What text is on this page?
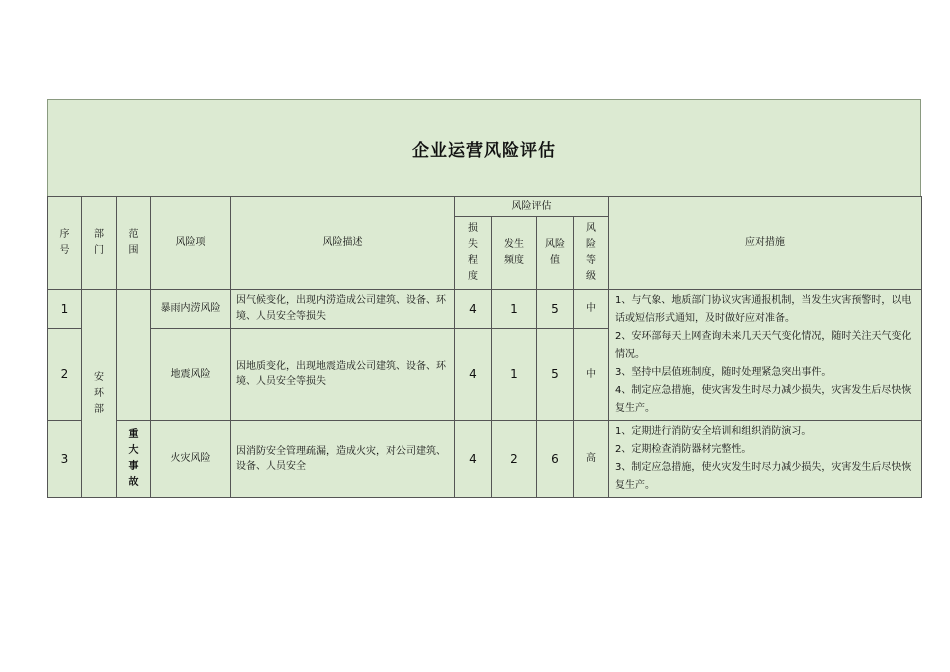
企业运营风险评估
序号	部门	范围	风险项	风险描述	风险评估				应对措施
					损失程度	发生频度	风险值	风险等级	
1	安环部		暴雨内涝风险	因气候变化，出现内涝造成公司建筑、设备、环境、人员安全等损失	4	1	5	中	1、与气象、地质部门协议灾害通报机制，当发生灾害预警时，以电话或短信形式通知，及时做好应对准备。
2、安环部每天上网查询未来几天天气变化情况，随时关注天气变化情况。
3、坚持中层值班制度，随时处理紧急突出事件。
4、制定应急措施，使灾害发生时尽力减少损失，灾害发生后尽快恢复生产。

2			地震风险	因地质变化，出现地震造成公司建筑、设备、环境、人员安全等损失	4	1	5	中	
3		重大事故	火灾风险	因消防安全管理疏漏，造成火灾，对公司建筑、设备、人员安全	4	2	6	高	1、定期进行消防安全培训和组织消防演习。
2、定期检查消防器材完整性。
3、制定应急措施，使火灾发生时尽力减少损失，灾害发生后尽快恢复生产。
